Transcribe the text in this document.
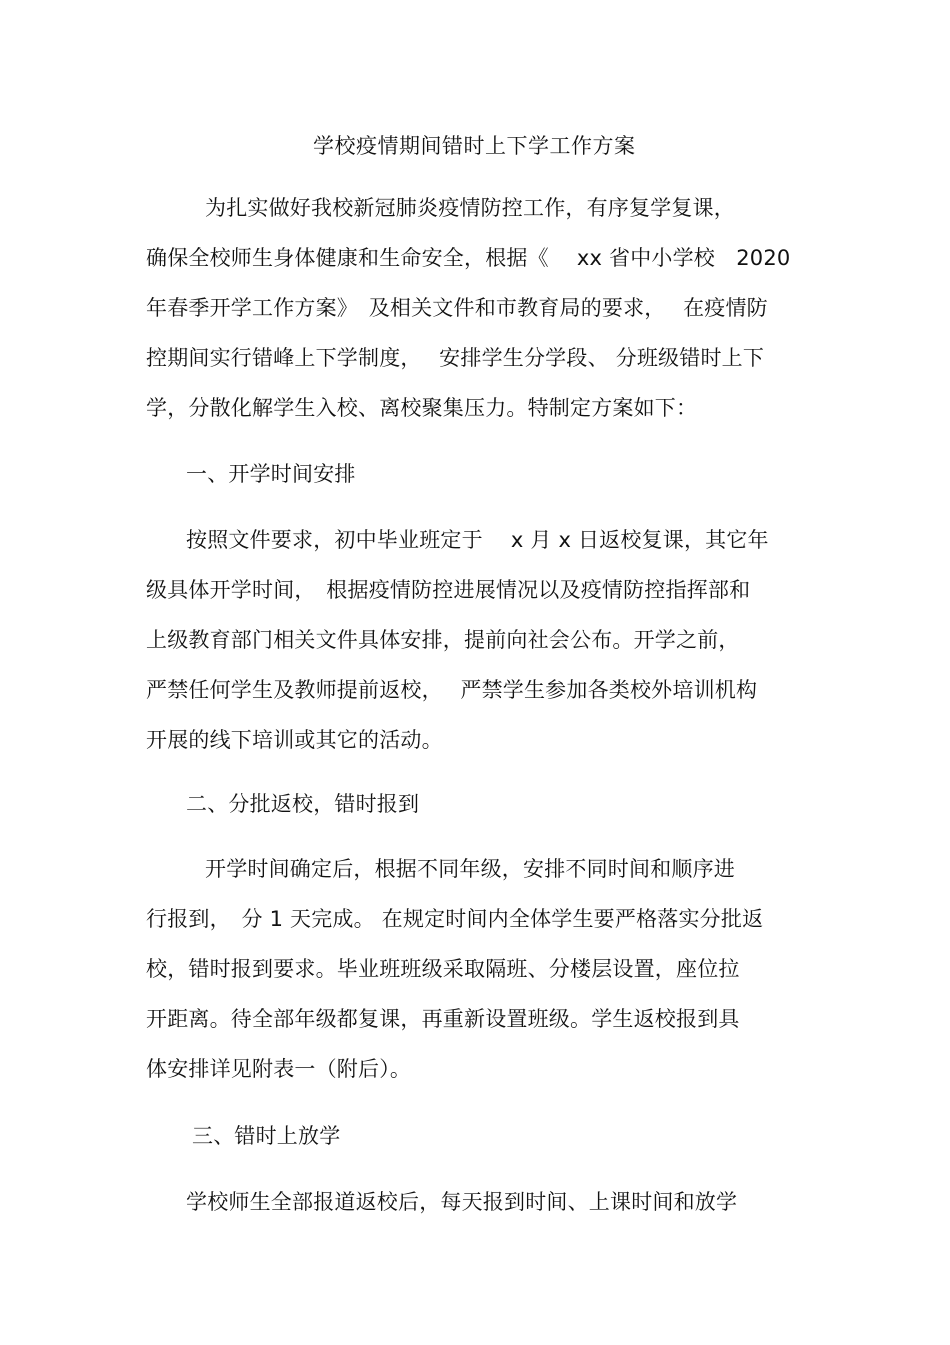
学校疫情期间错时上下学工作方案
为扎实做好我校新冠肺炎疫情防控工作，有序复学复课，
确保全校师生身体健康和生命安全，根据《　 xx 省中小学校　2020
年春季开学工作方案》　及相关文件和市教育局的要求，　 在疫情防
控期间实行错峰上下学制度，　 安排学生分学段、 分班级错时上下
学，分散化解学生入校、离校聚集压力。特制定方案如下：
一、开学时间安排
按照文件要求，初中毕业班定于　 x 月 x 日返校复课，其它年
级具体开学时间，　根据疫情防控进展情况以及疫情防控指挥部和
上级教育部门相关文件具体安排，提前向社会公布。开学之前，
严禁任何学生及教师提前返校，　 严禁学生参加各类校外培训机构
开展的线下培训或其它的活动。
二、分批返校，错时报到
开学时间确定后，根据不同年级，安排不同时间和顺序进
行报到，　分 1 天完成。 在规定时间内全体学生要严格落实分批返
校，错时报到要求。毕业班班级采取隔班、分楼层设置，座位拉
开距离。待全部年级都复课，再重新设置班级。学生返校报到具
体安排详见附表一（附后）。
三、错时上放学
学校师生全部报道返校后，每天报到时间、上课时间和放学
